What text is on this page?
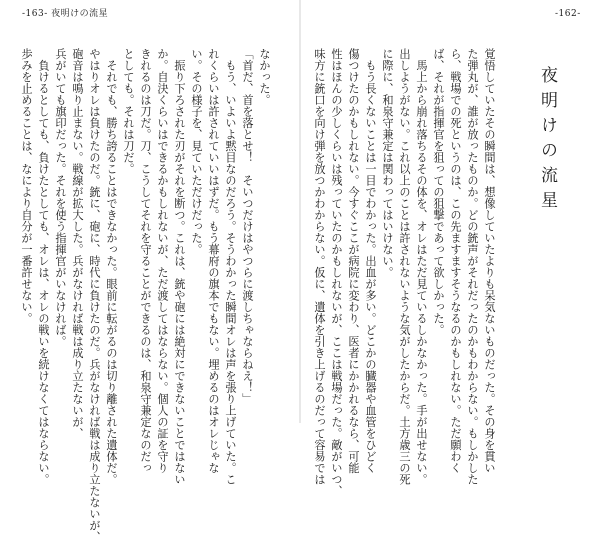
-163- 夜明けの流星	-162-
夜明けの流星
覚悟していたその瞬間は、想像していたよりも呆気ないものだった。その身を貫い
た弾丸が、誰が放ったものか。どの銃声がそれだったのかもわからない。もしかした
ら、戦場での死というのは、この先ますますそうなるのかもしれない。ただ願わく
ば、それが指揮官を狙っての狙撃であって欲しかった。
　馬上から崩れ落ちるその体を、オレはただ見ているしかなかった。手が出せない。
出しようがない。これ以上のことは許されないような気がしたからだ。土方歳三の死
に際に、和泉守兼定は関わってはいけない。
　もう長くないことは一目でわかった。出血が多い。どこかの臓器や血管をひどく
傷つけたのかもしれない。今すぐここが病院に変わり、医者にかかれるなら、可能
性はほんの少しくらいは残っていたのかもしれないが、ここは戦場だった。敵がいつ、
味方に銃口を向け弾を放つかわからない。仮に、遺体を引き上げるのだって容易では
なかった。
「首だ、首を落とせ！　そいつだけはやつらに渡しちゃならねえ！」
　もう、いよいよ黙目なのだろう。そうわかった瞬間オレは声を張り上げていた。こ
れくらいは許されていいはずだ。もう幕府の旗本でもない。埋めるのはオレじゃな
い。その様子を、見ていただけだった。
　振り下ろされた刃がそれを断つ。これは、銃や砲には絶対にできないことではない
か。自決くらいはできるかもしれないが、ただ渡してはならない。個人の証を守り
きれるのは刀だ。刀、こうしてそれを守ることができるのは、和泉守兼定なのだっ
としても。それは刀だ。
　それでも、勝ち誇ることはできなかった。眼前に転がるのは切り離された遺体だ。
やはりオレは負けたのだ。銃に、砲に、時代に負けたのだ。兵がなければ戦は成り立たないが、
砲音は鳴り止まない。戦線が拡大した。兵がなければ戦は成り立たないが、
兵がいても旗印だった。それを使う指揮官がいなければ。
　負けるとしても、負けたとしても、オレは、オレの戦いを続けなくてはならない。
歩みを止めることは、なにより自分が一番許せない。
